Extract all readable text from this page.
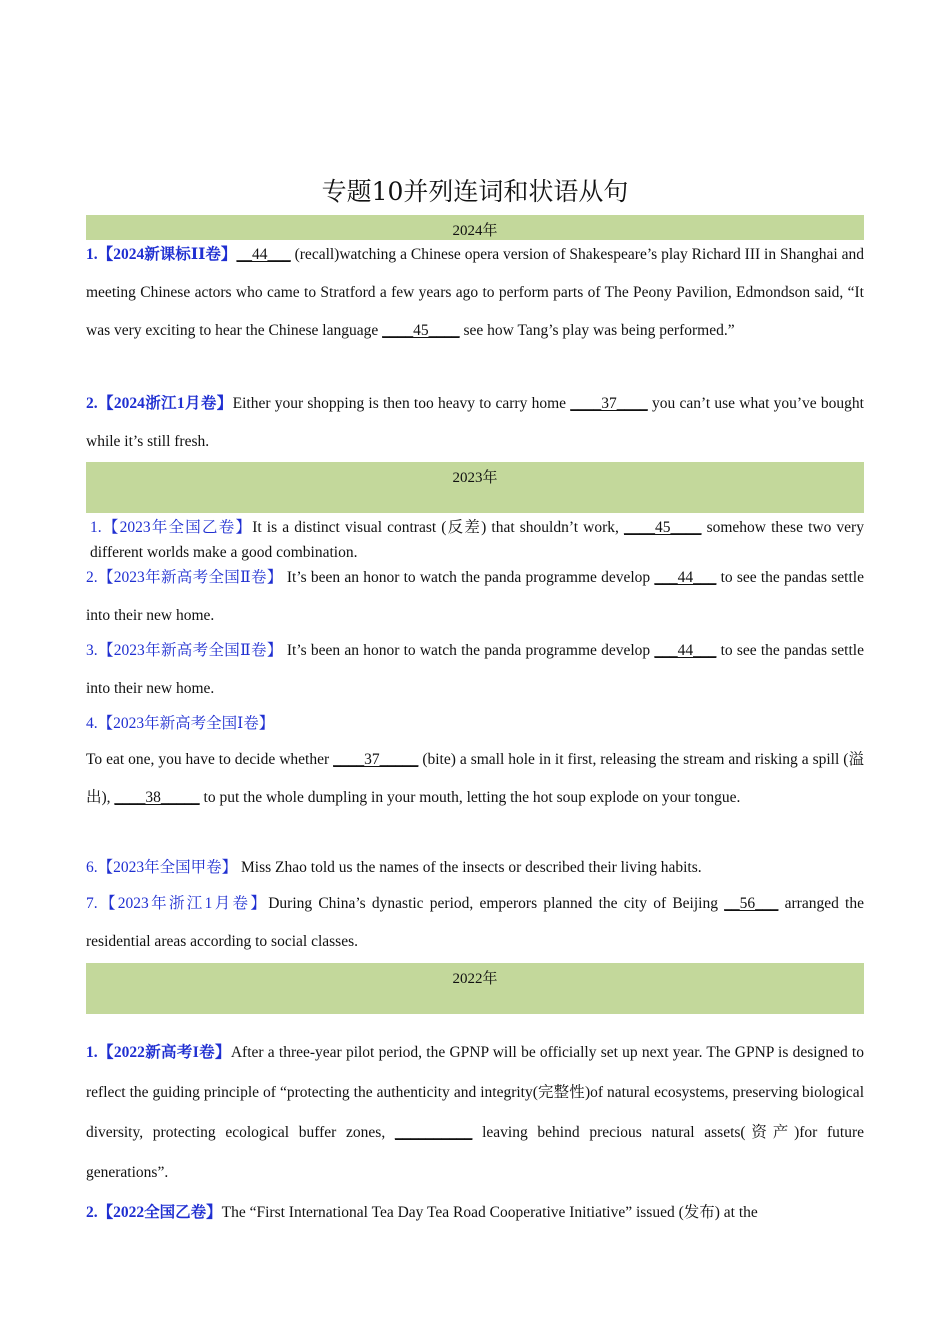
专题10并列连词和状语从句
2024年

1.【2024新课标ⅠⅠ卷】__44___ (recall)watching a Chinese opera version of Shakespeare’s play Richard III in Shanghai and meeting Chinese actors who came to Stratford a few years ago to perform parts of The Peony Pavilion, Edmondson said, “It was very exciting to hear the Chinese language ____45____ see how Tang’s play was being performed.”

2.【2024浙江1月卷】Either your shopping is then too heavy to carry home ____37____ you can’t use what you’ve bought while it’s still fresh.

2023年

1.【2023年全国乙卷】It is a distinct visual contrast (反差) that shouldn’t work, ____45____ somehow these two very different worlds make a good combination.

2.【2023年新高考全国Ⅱ卷】 It’s been an honor to watch the panda programme develop ___44___ to see the pandas settle into their new home.

3.【2023年新高考全国Ⅱ卷】 It’s been an honor to watch the panda programme develop ___44___ to see the pandas settle into their new home.

4.【2023年新高考全国Ⅰ卷】

To eat one, you have to decide whether ____37_____ (bite) a small hole in it first, releasing the stream and risking a spill (溢出), ____38_____ to put the whole dumpling in your mouth, letting the hot soup explode on your tongue.

6.【2023年全国甲卷】 Miss Zhao told us the names of the insects or described their living habits.

7.【2023年浙江1月卷】During China’s dynastic period, emperors planned the city of Beijing __56___ arranged the residential areas according to social classes.

2022年

1.【2022新高考I卷】After a three-year pilot period, the GPNP will be officially set up next year. The GPNP is designed to reflect the guiding principle of “protecting the authenticity and integrity(完整性)of natural ecosystems, preserving biological diversity, protecting ecological buffer zones, __________ leaving behind precious natural assets(资产)for future generations”.

2.【2022全国乙卷】The “First International Tea Day Tea Road Cooperative Initiative” issued (发布) at the
